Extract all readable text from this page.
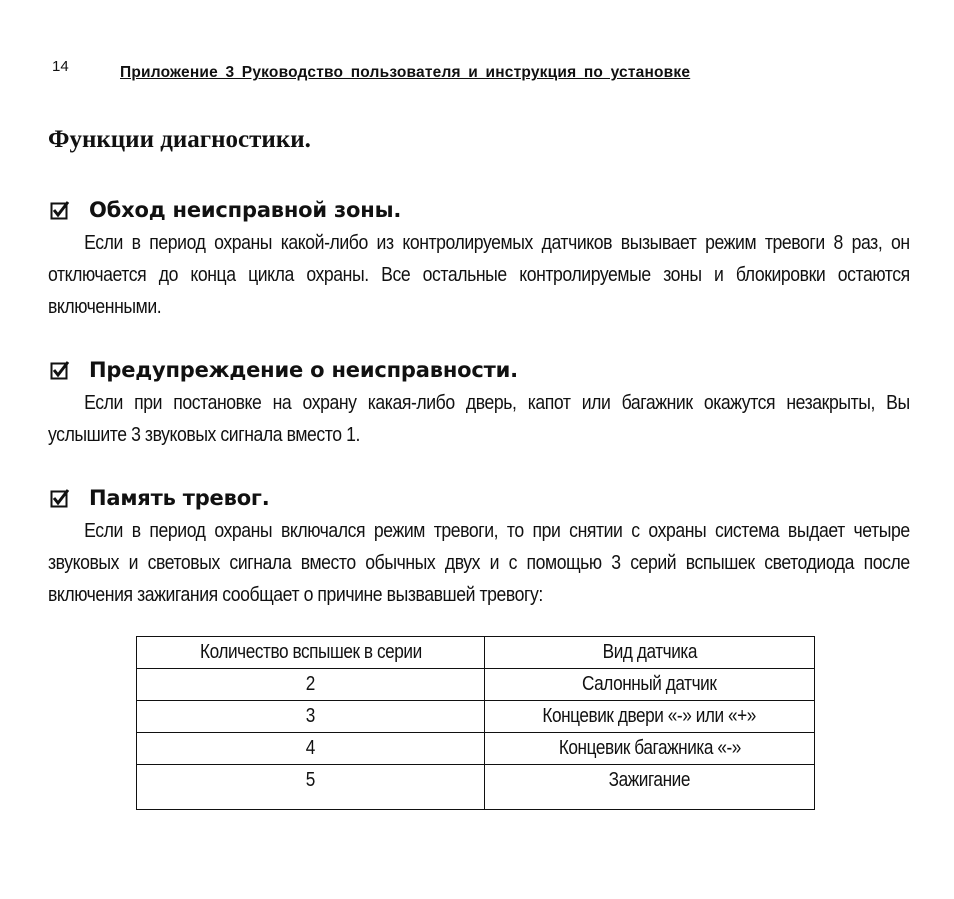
14	Приложение 3 Руководство пользователя и инструкция по установке
Функции диагностики.
Обход неисправной зоны.

Если в период охраны какой-либо из контролируемых датчиков вызывает режим тревоги 8 раз, он отключается до конца цикла охраны. Все остальные контролируемые зоны и блокировки остаются включенными.

Предупреждение о неисправности.

Если при постановке на охрану какая-либо дверь, капот или багажник окажутся незакрыты, Вы услышите 3 звуковых сигнала вместо 1.

Память тревог.

Если в период охраны включался режим тревоги, то при снятии с охраны система выдает четыре звуковых и световых сигнала вместо обычных двух и с помощью 3 серий вспышек светодиода после включения зажигания сообщает о причине вызвавшей тревогу:

Количество вспышек в серии	Вид датчика
2	Салонный датчик
3	Концевик двери «-» или «+»
4	Концевик багажника «-»
5	Зажигание
